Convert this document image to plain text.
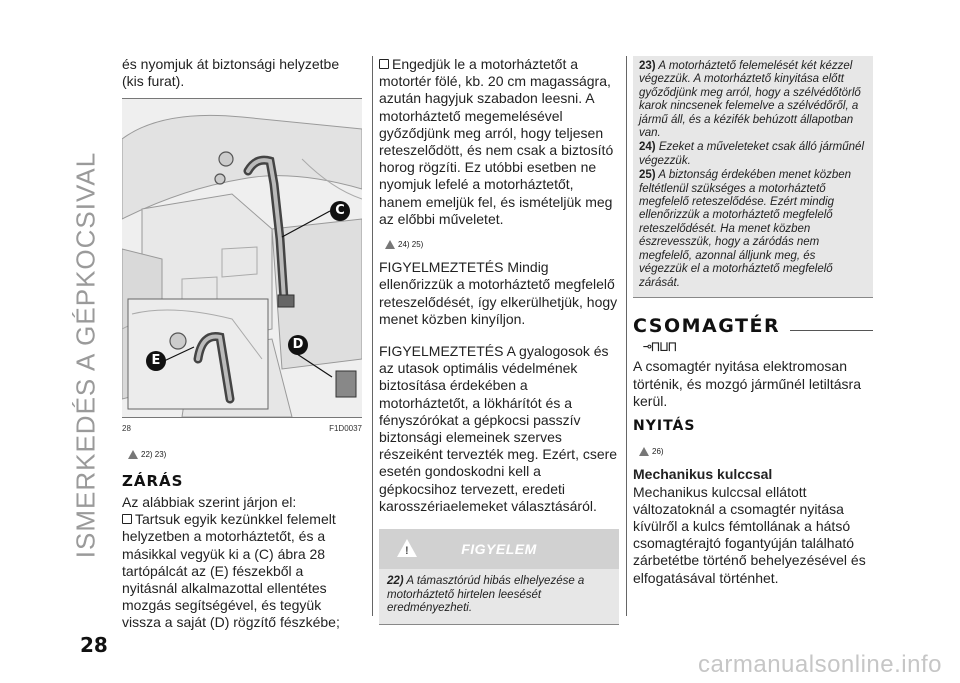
ISMERKEDÉS A GÉPKOCSIVAL
28
carmanualsonline.info

és nyomjuk át biztonsági helyzetbe (kis furat).

C
E
D
28	F1D0037
22) 23)
ZÁRÁS

Az alábbiak szerint járjon el:

Tartsuk egyik kezünkkel felemelt helyzetben a motorháztetőt, és a másikkal vegyük ki a (C) ábra 28 tartópálcát az (E) fészekből a nyitásnál alkalmazottal ellentétes mozgás segítségével, és tegyük vissza a saját (D) rögzítő fészkébe;

Engedjük le a motorháztetőt a motortér fölé, kb. 20 cm magasságra, azután hagyjuk szabadon leesni. A motorháztető megemelésével győződjünk meg arról, hogy teljesen reteszelődött, és nem csak a biztosító horog rögzíti. Ez utóbbi esetben ne nyomjuk lefelé a motorháztetőt, hanem emeljük fel, és ismételjük meg az előbbi műveletet.

24) 25)

FIGYELMEZTETÉS Mindig ellenőrizzük a motorháztető megfelelő reteszelődését, így elkerülhetjük, hogy menet közben kinyíljon.

FIGYELMEZTETÉS A gyalogosok és az utasok optimális védelmének biztosítása érdekében a motorháztetőt, a lökhárítót és a fényszórókat a gépkocsi passzív biztonsági elemeinek szerves részeiként tervezték meg. Ezért, csere esetén gondoskodni kell a gépkocsihoz tervezett, eredeti karosszériaelemeket választásáról.

!	FIGYELEM
22) A támasztórúd hibás elhelyezése a motorháztető hirtelen leesését eredményezheti.

23) A motorháztető felemelését két kézzel végezzük. A motorháztető kinyitása előtt győződjünk meg arról, hogy a szélvédőtörlő karok nincsenek felemelve a szélvédőről, a jármű áll, és a kézifék behúzott állapotban van.

24) Ezeket a műveleteket csak álló járműnél végezzük.

25) A biztonság érdekében menet közben feltétlenül szükséges a motorháztető megfelelő reteszelődése. Ezért mindig ellenőrizzük a motorháztető megfelelő reteszelődését. Ha menet közben észrevesszük, hogy a záródás nem megfelelő, azonnal álljunk meg, és végezzük el a motorháztető megfelelő zárását.

CSOMAGTÉR
⊸⊓⊔⊓

A csomagtér nyitása elektromosan történik, és mozgó járműnél letiltásra kerül.

NYITÁS
26)
Mechanikus kulccsal

Mechanikus kulccsal ellátott változatoknál a csomagtér nyitása kívülről a kulcs fémtollának a hátsó csomagtérajtó fogantyúján található zárbetétbe történő behelyezésével és elfogatásával történhet.
